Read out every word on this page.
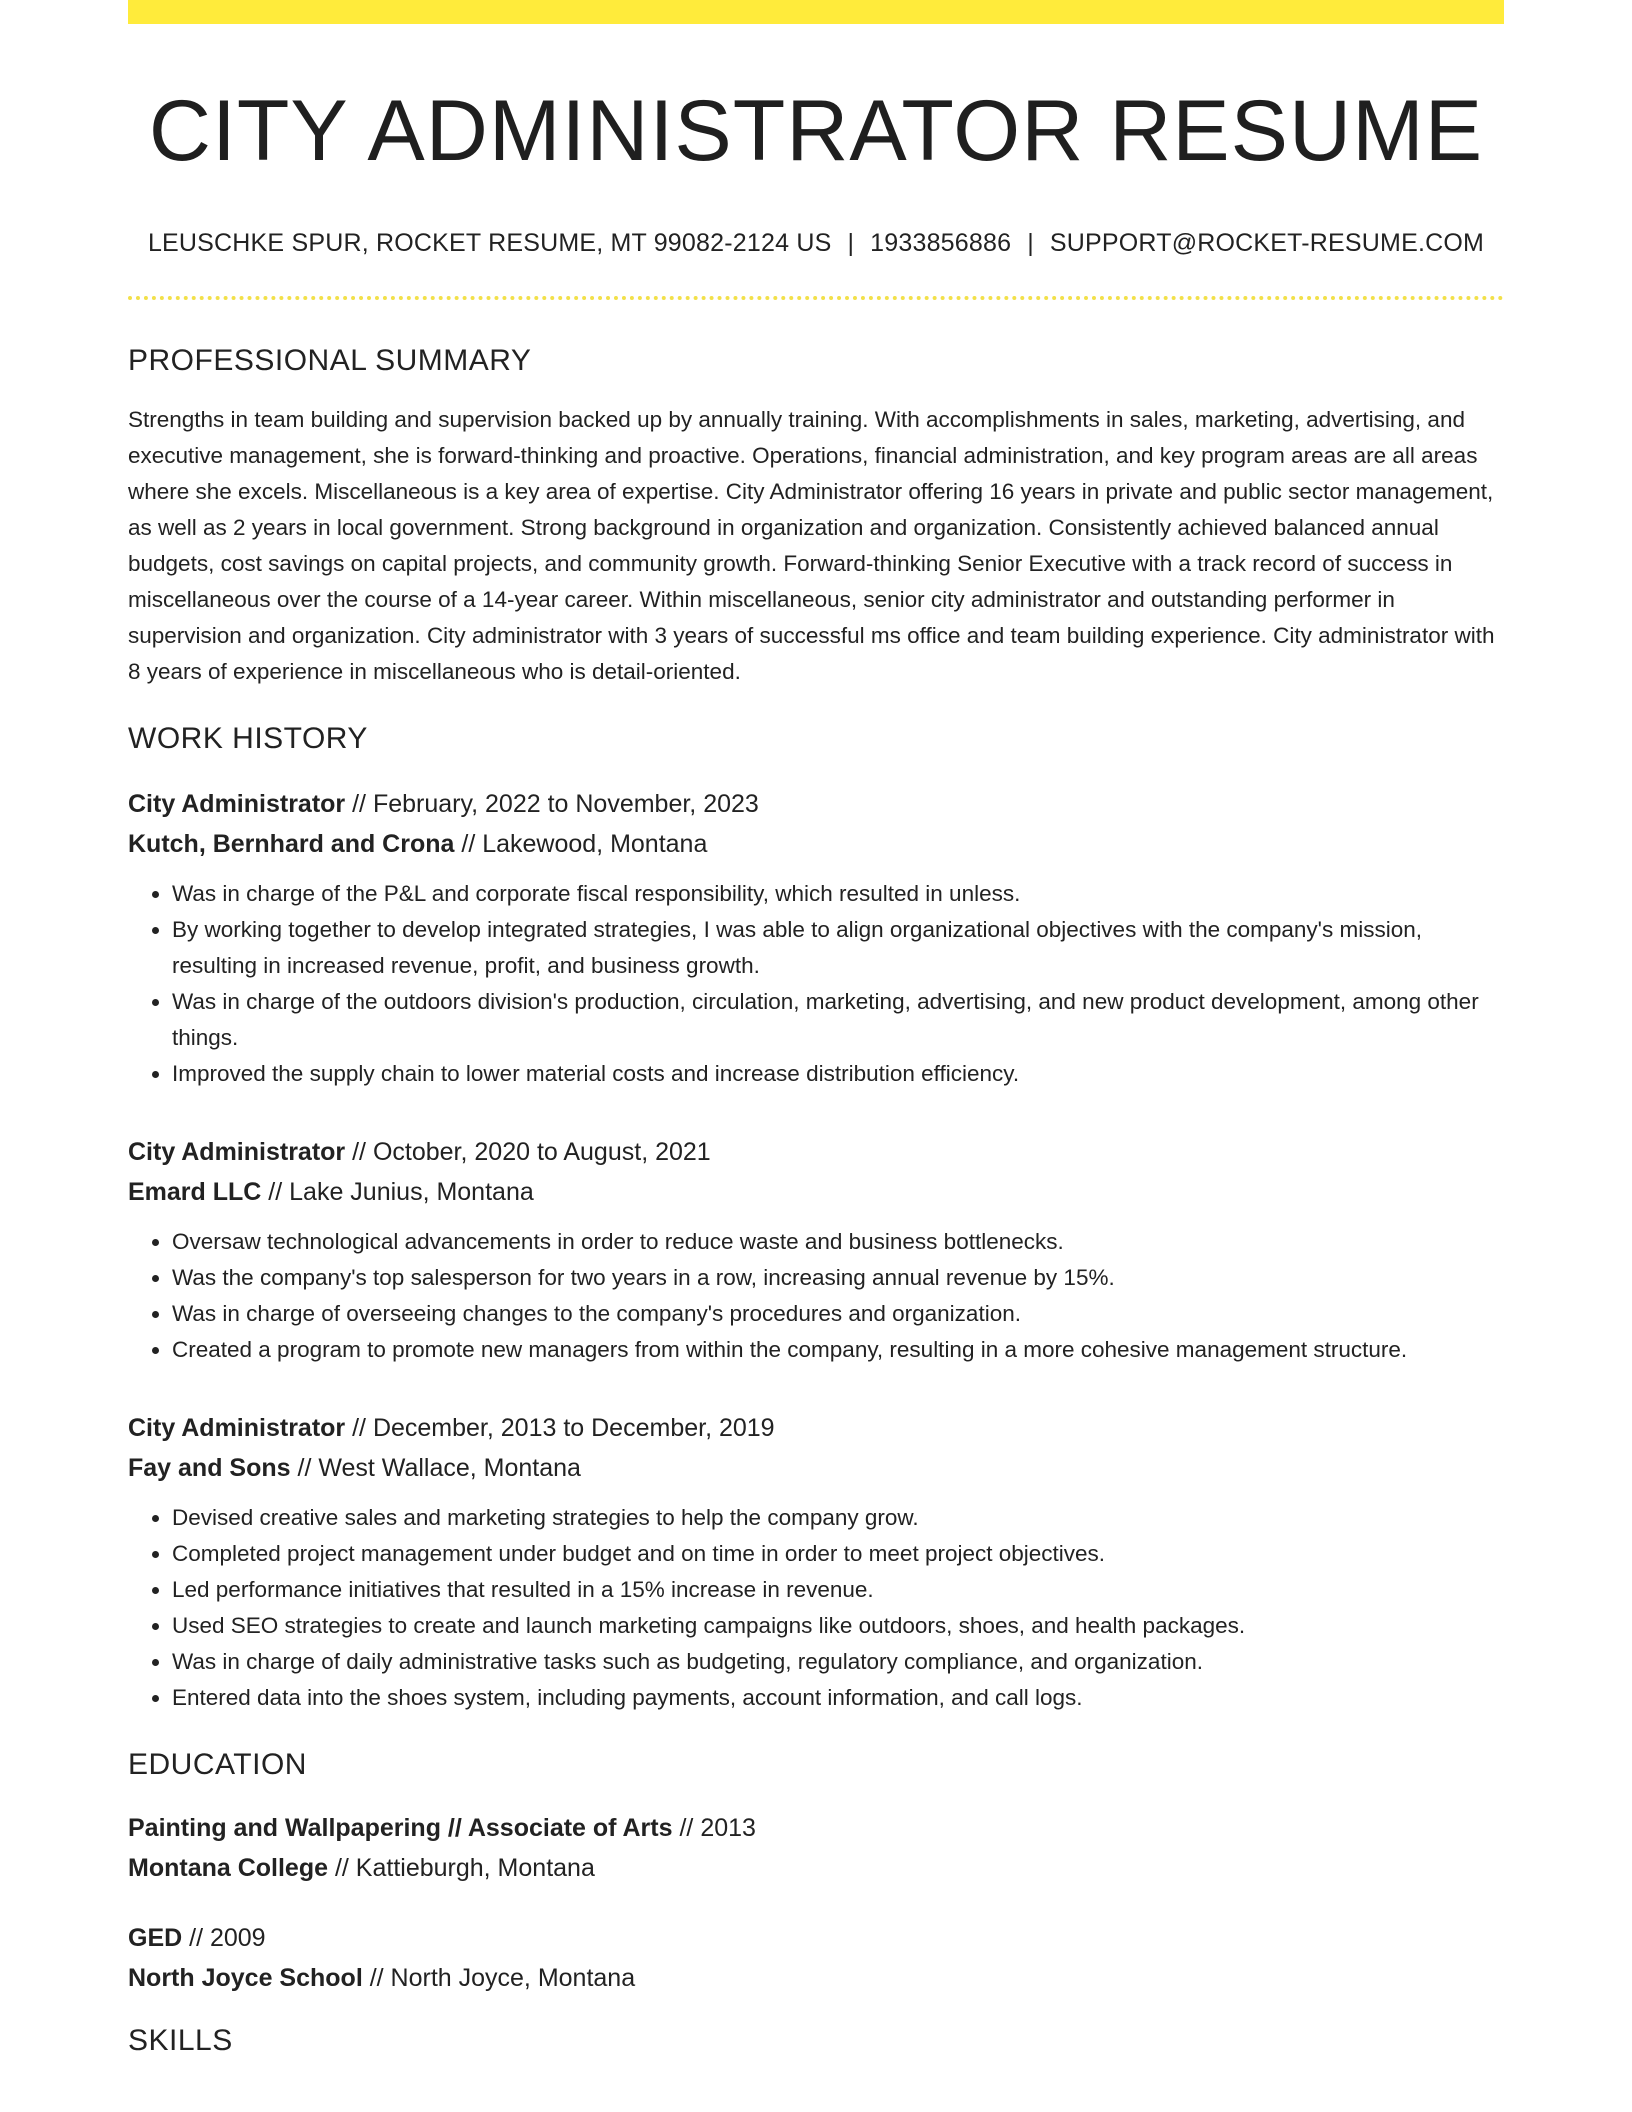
CITY ADMINISTRATOR RESUME
LEUSCHKE SPUR, ROCKET RESUME, MT 99082-2124 US | 1933856886 | SUPPORT@ROCKET-RESUME.COM
PROFESSIONAL SUMMARY

Strengths in team building and supervision backed up by annually training. With accomplishments in sales, marketing, advertising, and executive management, she is forward-thinking and proactive. Operations, financial administration, and key program areas are all areas where she excels. Miscellaneous is a key area of expertise. City Administrator offering 16 years in private and public sector management, as well as 2 years in local government. Strong background in organization and organization. Consistently achieved balanced annual budgets, cost savings on capital projects, and community growth. Forward-thinking Senior Executive with a track record of success in miscellaneous over the course of a 14-year career. Within miscellaneous, senior city administrator and outstanding performer in supervision and organization. City administrator with 3 years of successful ms office and team building experience. City administrator with 8 years of experience in miscellaneous who is detail-oriented.

WORK HISTORY
City Administrator // February, 2022 to November, 2023
Kutch, Bernhard and Crona // Lakewood, Montana
• Was in charge of the P&L and corporate fiscal responsibility, which resulted in unless.
• By working together to develop integrated strategies, I was able to align organizational objectives with the company's mission, resulting in increased revenue, profit, and business growth.
• Was in charge of the outdoors division's production, circulation, marketing, advertising, and new product development, among other things.
• Improved the supply chain to lower material costs and increase distribution efficiency.
City Administrator // October, 2020 to August, 2021
Emard LLC // Lake Junius, Montana
• Oversaw technological advancements in order to reduce waste and business bottlenecks.
• Was the company's top salesperson for two years in a row, increasing annual revenue by 15%.
• Was in charge of overseeing changes to the company's procedures and organization.
• Created a program to promote new managers from within the company, resulting in a more cohesive management structure.
City Administrator // December, 2013 to December, 2019
Fay and Sons // West Wallace, Montana
• Devised creative sales and marketing strategies to help the company grow.
• Completed project management under budget and on time in order to meet project objectives.
• Led performance initiatives that resulted in a 15% increase in revenue.
• Used SEO strategies to create and launch marketing campaigns like outdoors, shoes, and health packages.
• Was in charge of daily administrative tasks such as budgeting, regulatory compliance, and organization.
• Entered data into the shoes system, including payments, account information, and call logs.
EDUCATION
Painting and Wallpapering // Associate of Arts // 2013
Montana College // Kattieburgh, Montana
GED // 2009
North Joyce School // North Joyce, Montana
SKILLS
